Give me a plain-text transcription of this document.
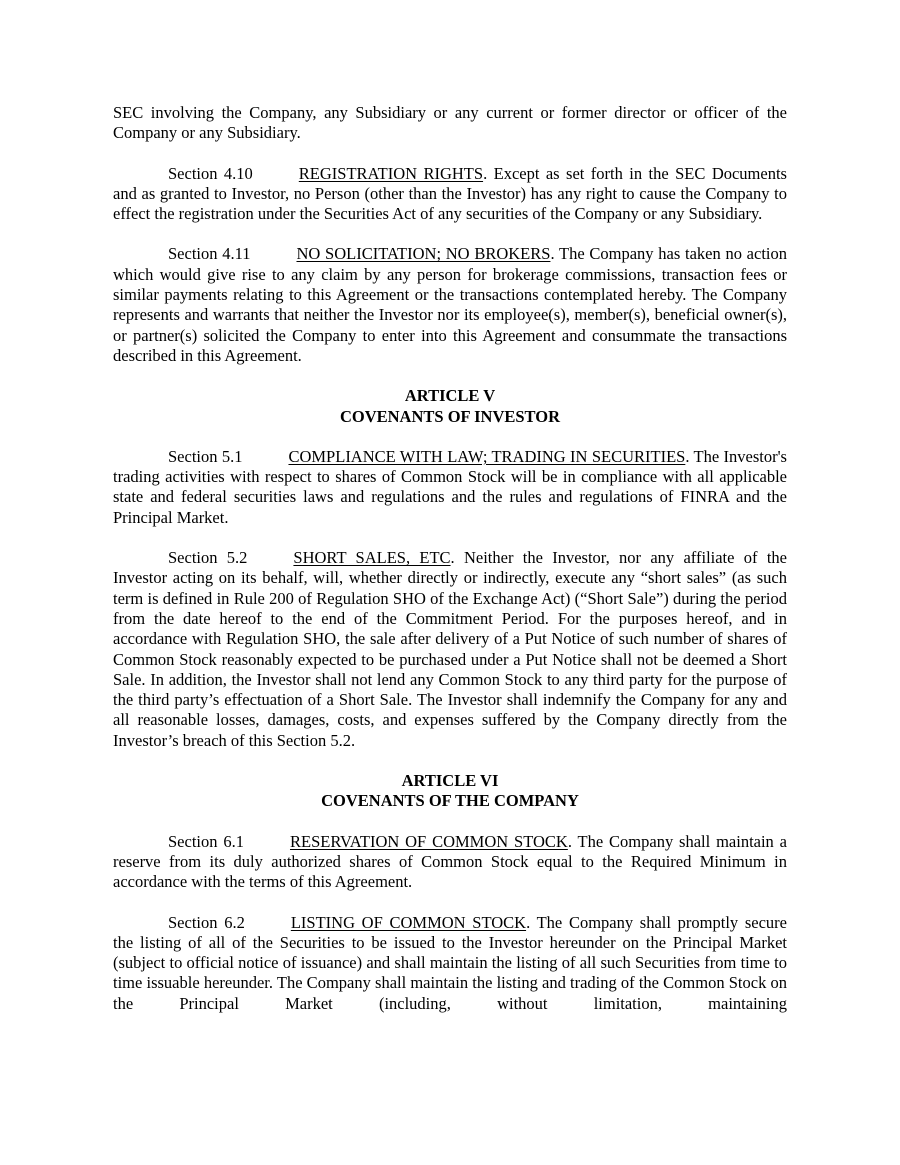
SEC involving the Company, any Subsidiary or any current or former director or officer of the Company or any Subsidiary.

Section 4.10	REGISTRATION RIGHTS. Except as set forth in the SEC Documents and as granted to Investor, no Person (other than the Investor) has any right to cause the Company to effect the registration under the Securities Act of any securities of the Company or any Subsidiary.

Section 4.11	NO SOLICITATION; NO BROKERS. The Company has taken no action which would give rise to any claim by any person for brokerage commissions, transaction fees or similar payments relating to this Agreement or the transactions contemplated hereby. The Company represents and warrants that neither the Investor nor its employee(s), member(s), beneficial owner(s), or partner(s) solicited the Company to enter into this Agreement and consummate the transactions described in this Agreement.

ARTICLE V
COVENANTS OF INVESTOR

Section 5.1	COMPLIANCE WITH LAW; TRADING IN SECURITIES. The Investor's trading activities with respect to shares of Common Stock will be in compliance with all applicable state and federal securities laws and regulations and the rules and regulations of FINRA and the Principal Market.

Section 5.2	SHORT SALES, ETC. Neither the Investor, nor any affiliate of the Investor acting on its behalf, will, whether directly or indirectly, execute any “short sales” (as such term is defined in Rule 200 of Regulation SHO of the Exchange Act) (“Short Sale”) during the period from the date hereof to the end of the Commitment Period. For the purposes hereof, and in accordance with Regulation SHO, the sale after delivery of a Put Notice of such number of shares of Common Stock reasonably expected to be purchased under a Put Notice shall not be deemed a Short Sale. In addition, the Investor shall not lend any Common Stock to any third party for the purpose of the third party’s effectuation of a Short Sale. The Investor shall indemnify the Company for any and all reasonable losses, damages, costs, and expenses suffered by the Company directly from the Investor’s breach of this Section 5.2.

ARTICLE VI
COVENANTS OF THE COMPANY

Section 6.1	RESERVATION OF COMMON STOCK. The Company shall maintain a reserve from its duly authorized shares of Common Stock equal to the Required Minimum in accordance with the terms of this Agreement.

Section 6.2	LISTING OF COMMON STOCK. The Company shall promptly secure the listing of all of the Securities to be issued to the Investor hereunder on the Principal Market (subject to official notice of issuance) and shall maintain the listing of all such Securities from time to time issuable hereunder. The Company shall maintain the listing and trading of the Common Stock on the Principal Market (including, without limitation, maintaining
